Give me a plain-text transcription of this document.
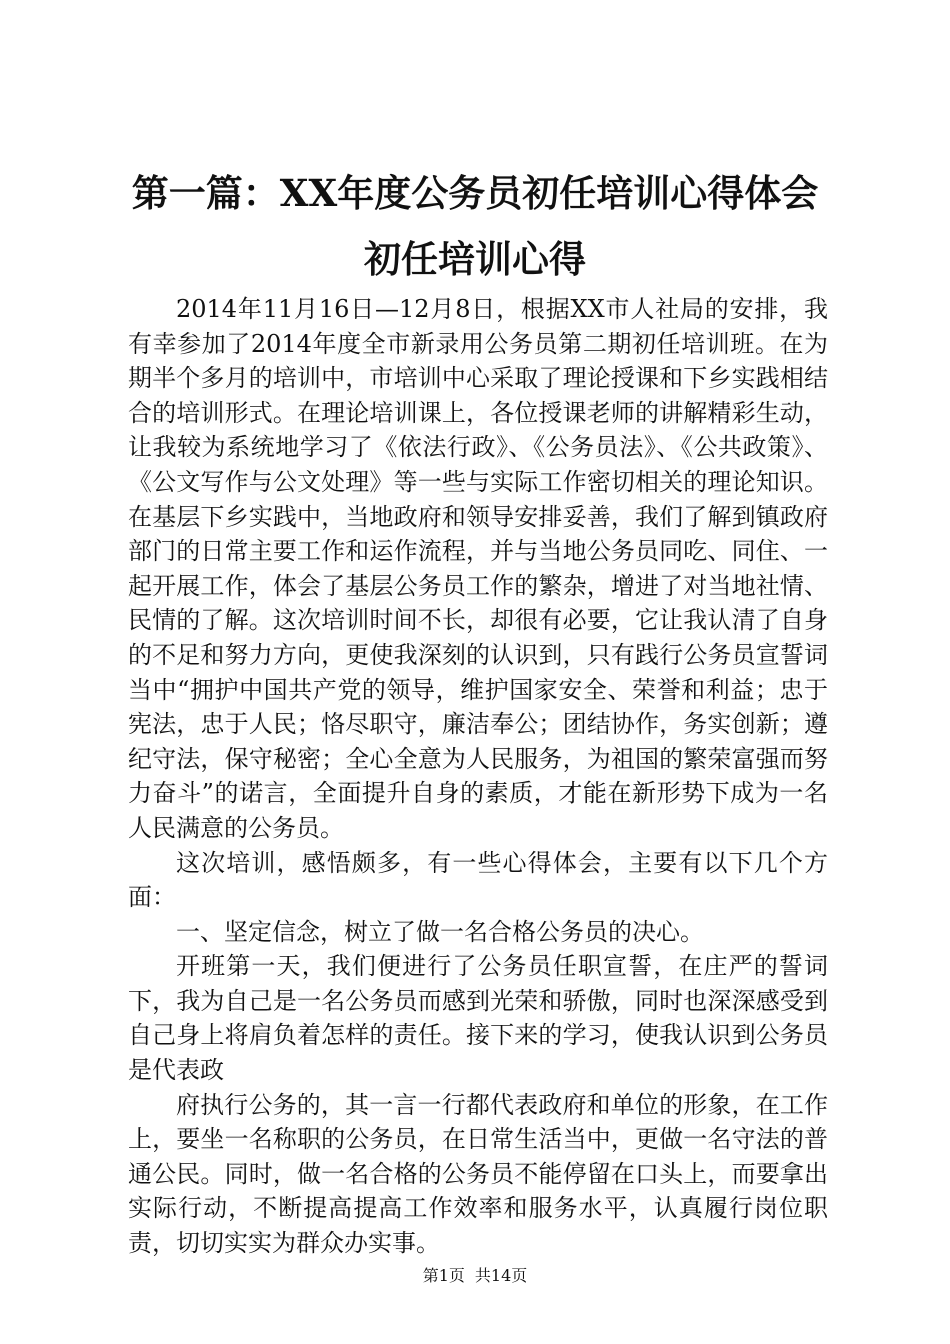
第一篇：XX年度公务员初任培训心得体会初任培训心得

2014年11月16日—12月8日，根据XX市人社局的安排，我有幸参加了2014年度全市新录用公务员第二期初任培训班。在为期半个多月的培训中，市培训中心采取了理论授课和下乡实践相结合的培训形式。在理论培训课上，各位授课老师的讲解精彩生动，让我较为系统地学习了《依法行政》、《公务员法》、《公共政策》、《公文写作与公文处理》等一些与实际工作密切相关的理论知识。在基层下乡实践中，当地政府和领导安排妥善，我们了解到镇政府部门的日常主要工作和运作流程，并与当地公务员同吃、同住、一起开展工作，体会了基层公务员工作的繁杂，增进了对当地社情、民情的了解。这次培训时间不长，却很有必要，它让我认清了自身的不足和努力方向，更使我深刻的认识到，只有践行公务员宣誓词当中“拥护中国共产党的领导，维护国家安全、荣誉和利益；忠于宪法，忠于人民；恪尽职守，廉洁奉公；团结协作，务实创新；遵纪守法，保守秘密；全心全意为人民服务，为祖国的繁荣富强而努力奋斗”的诺言，全面提升自身的素质，才能在新形势下成为一名人民满意的公务员。

这次培训，感悟颇多，有一些心得体会，主要有以下几个方面：

一、坚定信念，树立了做一名合格公务员的决心。

开班第一天，我们便进行了公务员任职宣誓，在庄严的誓词下，我为自己是一名公务员而感到光荣和骄傲，同时也深深感受到自己身上将肩负着怎样的责任。接下来的学习，使我认识到公务员是代表政

府执行公务的，其一言一行都代表政府和单位的形象，在工作上，要坐一名称职的公务员，在日常生活当中，更做一名守法的普通公民。同时，做一名合格的公务员不能停留在口头上，而要拿出实际行动，不断提高提高工作效率和服务水平，认真履行岗位职责，切切实实为群众办实事。

第1页 共14页
